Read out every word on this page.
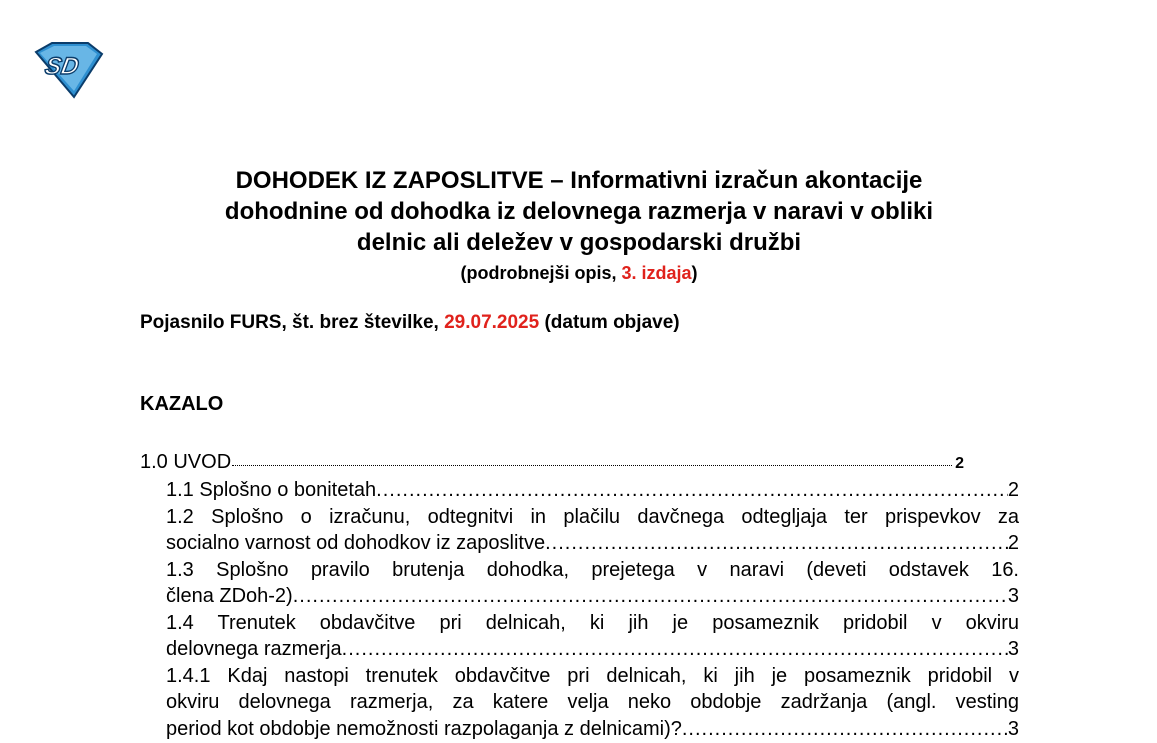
SD
DOHODEK IZ ZAPOSLITVE – Informativni izračun akontacije
dohodnine od dohodka iz delovnega razmerja v naravi v obliki
delnic ali deležev v gospodarski družbi
(podrobnejši opis, 3. izdaja)
Pojasnilo FURS, št. brez številke, 29.07.2025 (datum objave)
KAZALO
1.0 UVOD	2
1.1 Splošno o bonitetah .....	2
1.2 Splošno o izračunu, odtegnitvi in plačilu davčnega odtegljaja ter prispevkov za
socialno varnost od dohodkov iz zaposlitve .....	2
1.3 Splošno pravilo brutenja dohodka, prejetega v naravi (deveti odstavek 16.
člena ZDoh-2) .....	3
1.4 Trenutek obdavčitve pri delnicah, ki jih je posameznik pridobil v okviru
delovnega razmerja .....	3
1.4.1 Kdaj nastopi trenutek obdavčitve pri delnicah, ki jih je posameznik pridobil v
okviru delovnega razmerja, za katere velja neko obdobje zadržanja (angl. vesting
period kot obdobje nemožnosti razpolaganja z delnicami)? .....	3
